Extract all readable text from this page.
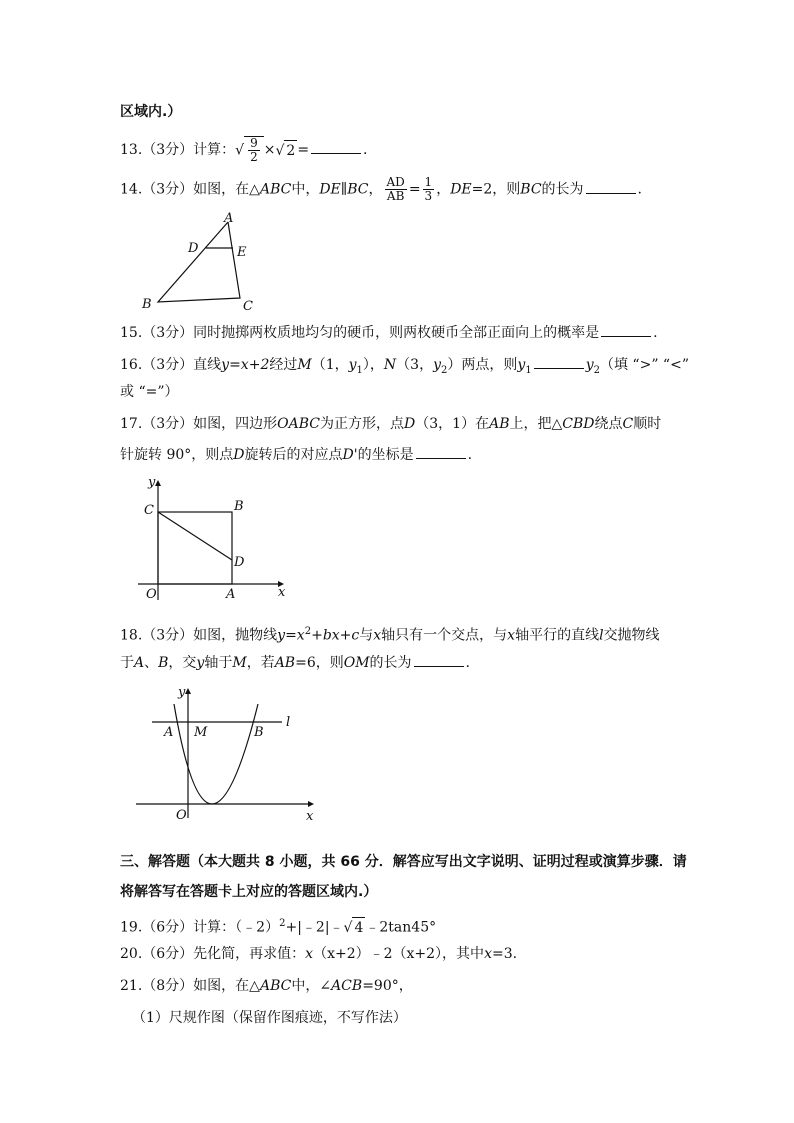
区域内.）
13.（3分）计算：√ $\frac{9}{2}$ ×√ 2 =	.
14.（3分）如图，在△ABC中，DE∥BC， $\frac{AD}{AB} = \frac{1}{3}$ ，DE=2，则BC的长为	.
A
D	E
B	C
15.（3分）同时抛掷两枚质地均匀的硬币，则两枚硬币全部正面向上的概率是	.
16.（3分）直线y=x+2经过M（1，$y_1$），N（3，$y_2$）两点，则$y_1$	$y_2$（填 “>” “<”
或 “=”）
17.（3分）如图，四边形OABC为正方形，点D（3，1）在AB上，把△CBD绕点C顺时
针旋转 90°，则点D旋转后的对应点D'的坐标是	.
y
C	B
D
O	A	x
18.（3分）如图，抛物线$y=x^2+bx+c$与x轴只有一个交点，与x轴平行的直线l交抛物线
于A、B，交y轴于M，若AB=6，则OM的长为	.
y
A M	B
l
O	x
三、解答题（本大题共 8 小题，共 66 分．解答应写出文字说明、证明过程或演算步骤．请
将解答写在答题卡上对应的答题区域内.）
19.（6分）计算：（﹣2）$^2$+|﹣2|﹣√ 4 ﹣2tan45°
20.（6分）先化简，再求值：x（x+2）﹣2（x+2），其中x=3.
21.（8分）如图，在△ABC中，∠ACB=90°，
（1）尺规作图（保留作图痕迹，不写作法）
